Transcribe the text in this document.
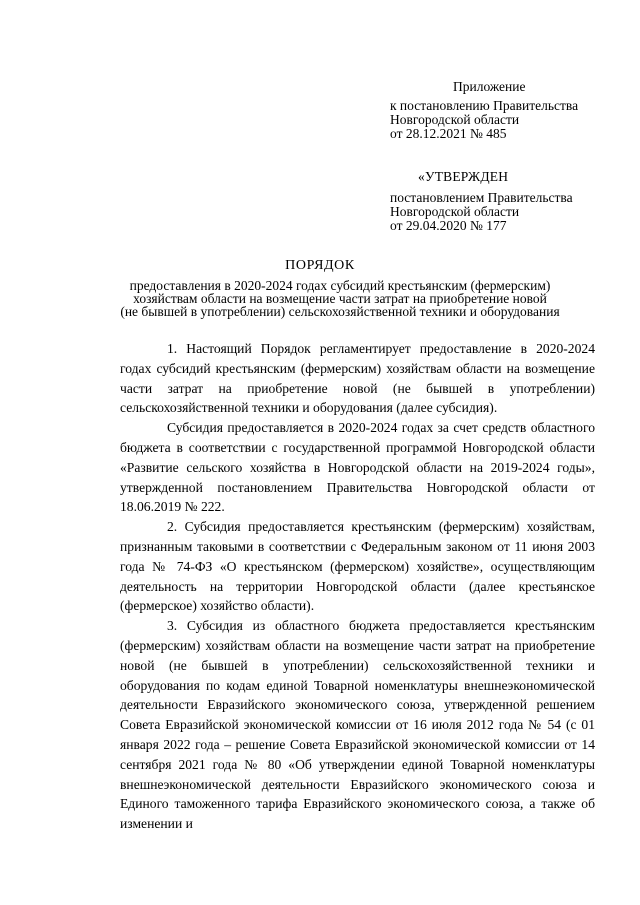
Приложение
к постановлению Правительства
Новгородской области
от 28.12.2021 № 485
«УТВЕРЖДЕН
постановлением Правительства
Новгородской области
от 29.04.2020 № 177
ПОРЯДОК
предоставления в 2020-2024 годах субсидий крестьянским (фермерским)
хозяйствам области на возмещение части затрат на приобретение новой
(не бывшей в употреблении) сельскохозяйственной техники и оборудования

1. Настоящий Порядок регламентирует предоставление в 2020-2024 годах субсидий крестьянским (фермерским) хозяйствам области на возмещение части затрат на приобретение новой (не бывшей в употреблении) сельскохозяйственной техники и оборудования (далее субсидия).

Субсидия предоставляется в 2020-2024 годах за счет средств областного бюджета в соответствии с государственной программой Новгородской области «Развитие сельского хозяйства в Новгородской области на 2019-2024 годы», утвержденной постановлением Правительства Новгородской области от 18.06.2019 № 222.

2. Субсидия предоставляется крестьянским (фермерским) хозяйствам, признанным таковыми в соответствии с Федеральным законом от 11 июня 2003 года № 74-ФЗ «О крестьянском (фермерском) хозяйстве», осуществляющим деятельность на территории Новгородской области (далее крестьянское (фермерское) хозяйство области).

3. Субсидия из областного бюджета предоставляется крестьянским (фермерским) хозяйствам области на возмещение части затрат на приобретение новой (не бывшей в употреблении) сельскохозяйственной техники и оборудования по кодам единой Товарной номенклатуры внешнеэкономической деятельности Евразийского экономического союза, утвержденной решением Совета Евразийской экономической комиссии от 16 июля 2012 года № 54 (с 01 января 2022 года – решение Совета Евразийской экономической комиссии от 14 сентября 2021 года № 80 «Об утверждении единой Товарной номенклатуры внешнеэкономической деятельности Евразийского экономического союза и Единого таможенного тарифа Евразийского экономического союза, а также об изменении и
